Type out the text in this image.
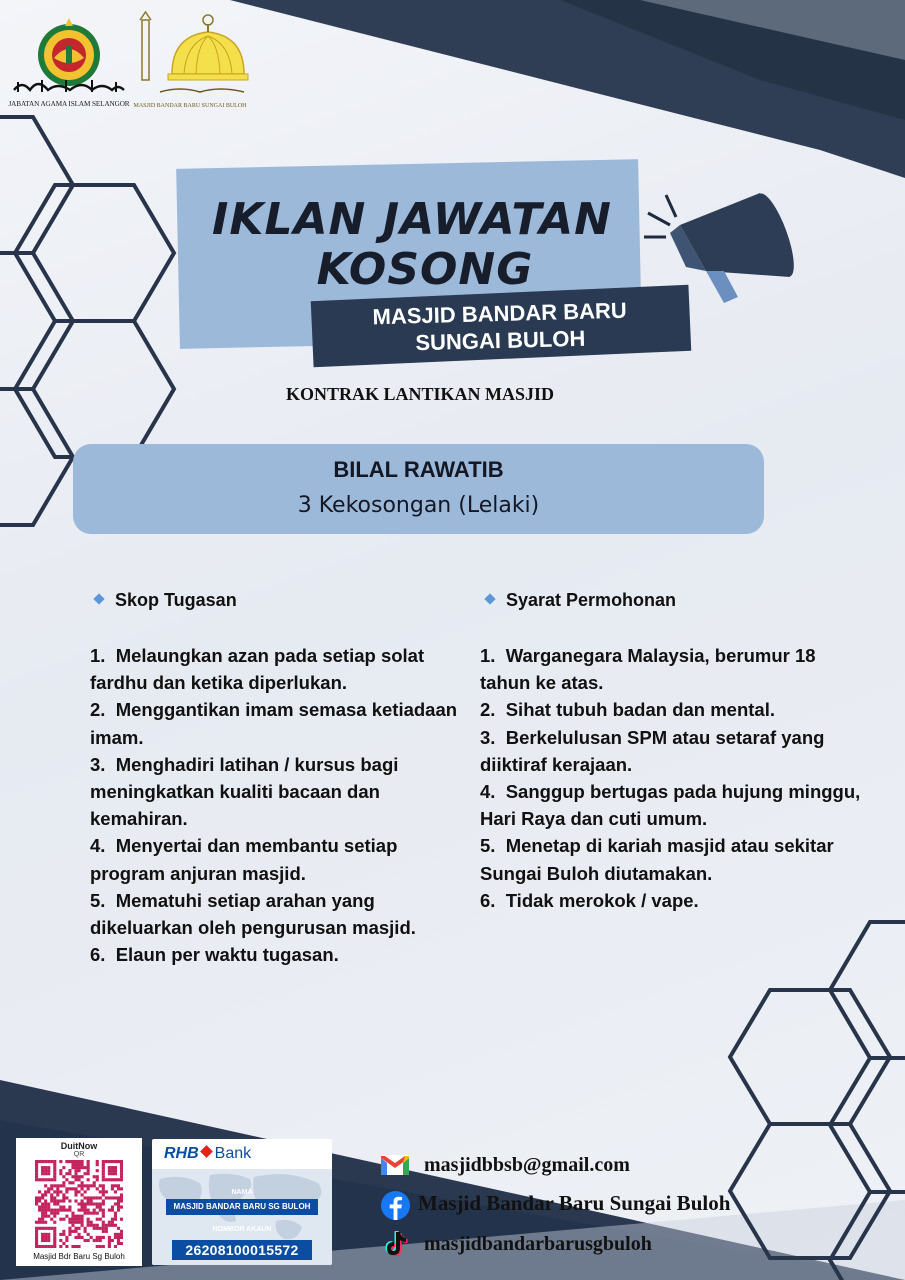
JABATAN AGAMA ISLAM SELANGOR MASJID BANDAR BARU SUNGAI BULOH
IKLAN JAWATAN
KOSONG
MASJID BANDAR BARU
SUNGAI BULOH
KONTRAK LANTIKAN MASJID
BILAL RAWATIB
3 Kekosongan (Lelaki)
Skop Tugasan
1.  Melaungkan azan pada setiap solat
fardhu dan ketika diperlukan.
2.  Menggantikan imam semasa ketiadaan
imam.
3.  Menghadiri latihan / kursus bagi
meningkatkan kualiti bacaan dan
kemahiran.
4.  Menyertai dan membantu setiap
program anjuran masjid.
5.  Mematuhi setiap arahan yang
dikeluarkan oleh pengurusan masjid.
6.  Elaun per waktu tugasan.
Syarat Permohonan
1.  Warganegara Malaysia, berumur 18
tahun ke atas.
2.  Sihat tubuh badan dan mental.
3.  Berkelulusan SPM atau setaraf yang
diiktiraf kerajaan.
4.  Sanggup bertugas pada hujung minggu,
Hari Raya dan cuti umum.
5.  Menetap di kariah masjid atau sekitar
Sungai Buloh diutamakan.
6.  Tidak merokok / vape.
DuitNow
QR
Masjid Bdr Baru Sg Buloh
RHB Bank
NAMA
MASJID BANDAR BARU SG BULOH
NOMBOR AKAUN
26208100015572
masjidbbsb@gmail.com
Masjid Bandar Baru Sungai Buloh
masjidbandarbarusgbuloh
